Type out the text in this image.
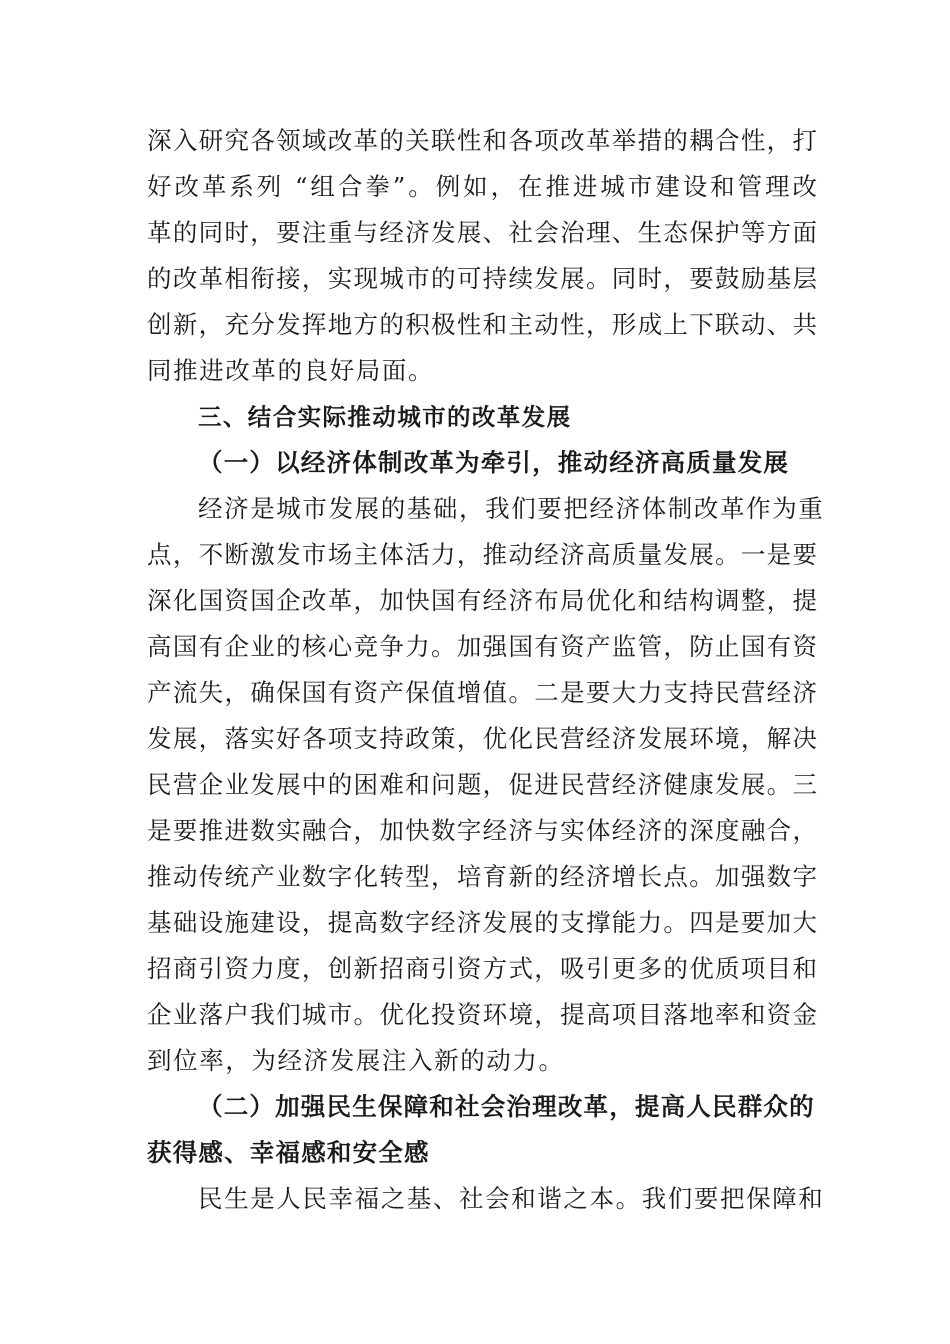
深入研究各领域改革的关联性和各项改革举措的耦合性，打
好改革系列 “组合拳”。例如，在推进城市建设和管理改
革的同时，要注重与经济发展、社会治理、生态保护等方面
的改革相衔接，实现城市的可持续发展。同时，要鼓励基层
创新，充分发挥地方的积极性和主动性，形成上下联动、共
同推进改革的良好局面。
三、结合实际推动城市的改革发展
（一）以经济体制改革为牵引，推动经济高质量发展
经济是城市发展的基础，我们要把经济体制改革作为重
点，不断激发市场主体活力，推动经济高质量发展。一是要
深化国资国企改革，加快国有经济布局优化和结构调整，提
高国有企业的核心竞争力。加强国有资产监管，防止国有资
产流失，确保国有资产保值增值。二是要大力支持民营经济
发展，落实好各项支持政策，优化民营经济发展环境，解决
民营企业发展中的困难和问题，促进民营经济健康发展。三
是要推进数实融合，加快数字经济与实体经济的深度融合，
推动传统产业数字化转型，培育新的经济增长点。加强数字
基础设施建设，提高数字经济发展的支撑能力。四是要加大
招商引资力度，创新招商引资方式，吸引更多的优质项目和
企业落户我们城市。优化投资环境，提高项目落地率和资金
到位率，为经济发展注入新的动力。
（二）加强民生保障和社会治理改革，提高人民群众的
获得感、幸福感和安全感
民生是人民幸福之基、社会和谐之本。我们要把保障和
